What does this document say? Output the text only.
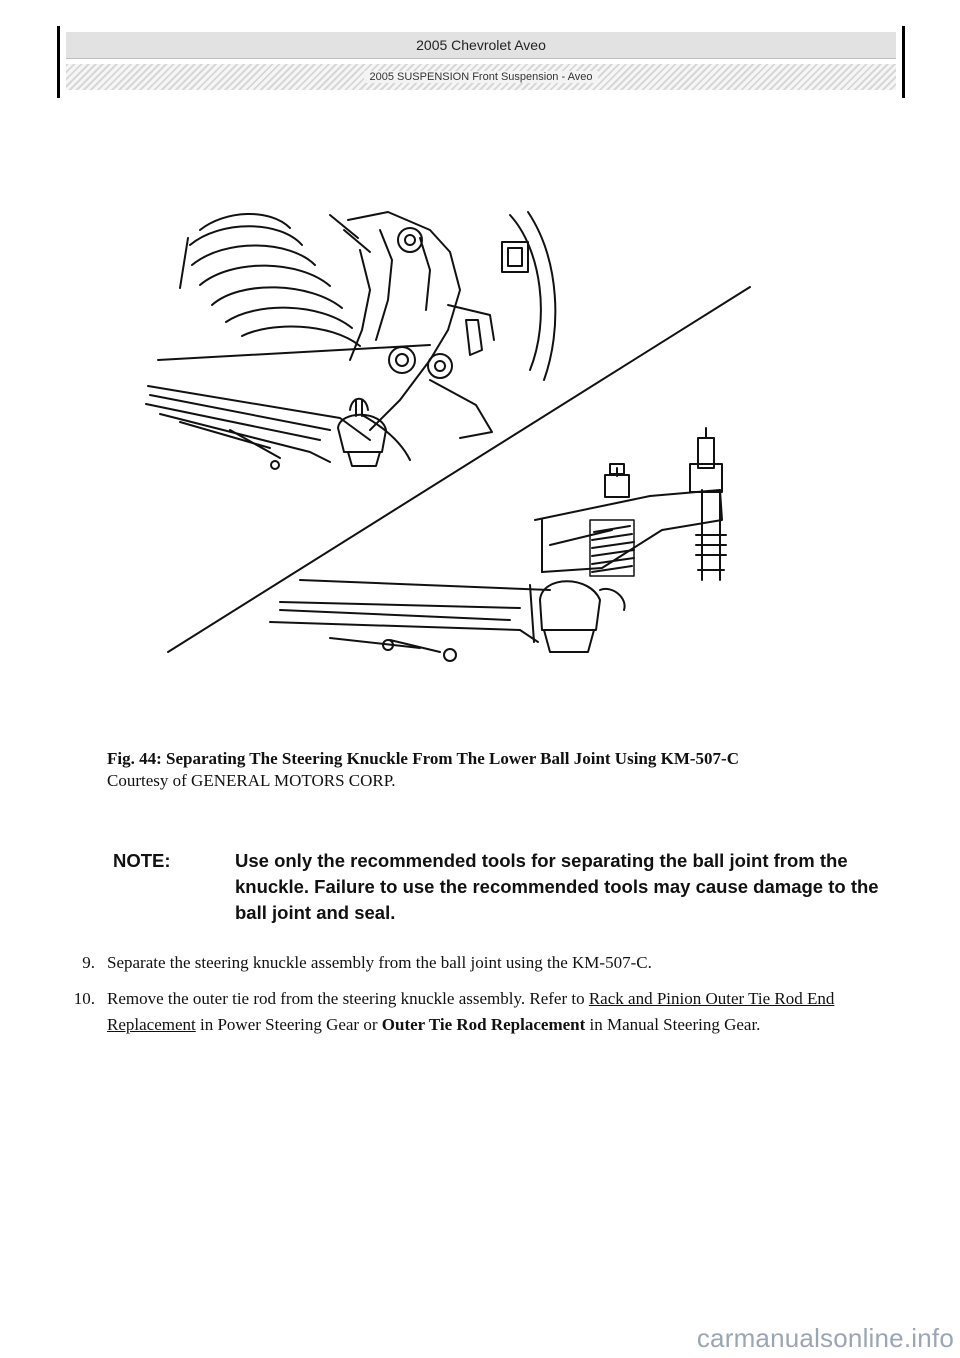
2005 Chevrolet Aveo
2005 SUSPENSION Front Suspension - Aveo
Fig. 44: Separating The Steering Knuckle From The Lower Ball Joint Using KM-507-C
Courtesy of GENERAL MOTORS CORP.
NOTE:	Use only the recommended tools for separating the ball joint from the knuckle. Failure to use the recommended tools may cause damage to the ball joint and seal.
9. Separate the steering knuckle assembly from the ball joint using the KM-507-C.
10. Remove the outer tie rod from the steering knuckle assembly. Refer to Rack and Pinion Outer Tie Rod End Replacement in Power Steering Gear or Outer Tie Rod Replacement in Manual Steering Gear.
carmanualsonline.info
